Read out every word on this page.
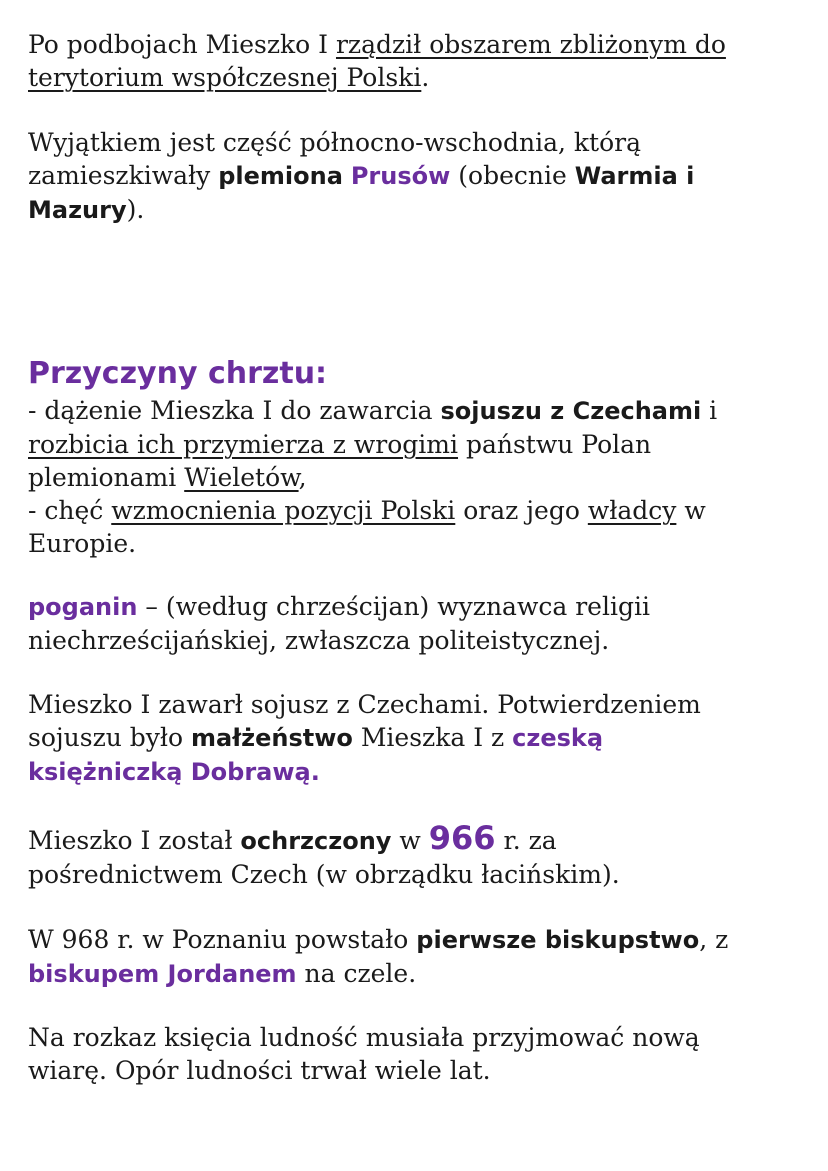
Po podbojach Mieszko I rządził obszarem zbliżonym do
terytorium współczesnej Polski.

Wyjątkiem jest część północno-wschodnia, którą
zamieszkiwały plemiona Prusów (obecnie Warmia i
Mazury).

Przyczyny chrztu:

- dążenie Mieszka I do zawarcia sojuszu z Czechami i
rozbicia ich przymierza z wrogimi państwu Polan
plemionami Wieletów,
- chęć wzmocnienia pozycji Polski oraz jego władcy w
Europie.

poganin – (według chrześcijan) wyznawca religii
niechrześcijańskiej, zwłaszcza politeistycznej.

Mieszko I zawarł sojusz z Czechami. Potwierdzeniem
sojuszu było małżeństwo Mieszka I z czeską
księżniczką Dobrawą.

Mieszko I został ochrzczony w 966 r. za
pośrednictwem Czech (w obrządku łacińskim).

W 968 r. w Poznaniu powstało pierwsze biskupstwo, z
biskupem Jordanem na czele.

Na rozkaz księcia ludność musiała przyjmować nową
wiarę. Opór ludności trwał wiele lat.
